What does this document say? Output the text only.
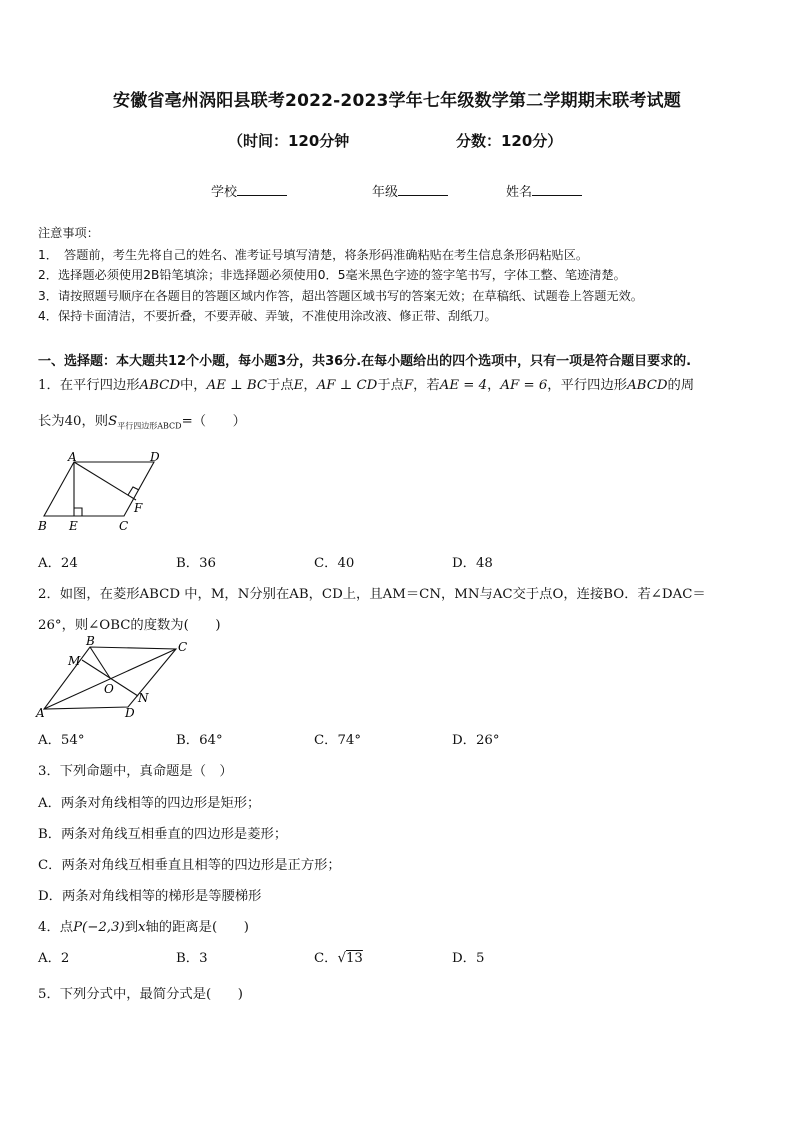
安徽省亳州涡阳县联考2022-2023学年七年级数学第二学期期末联考试题
（时间：120分钟	分数：120分）
学校	年级	姓名
注意事项：
1．　答题前，考生先将自己的姓名、准考证号填写清楚，将条形码准确粘贴在考生信息条形码粘贴区。
2．选择题必须使用2B铅笔填涂；非选择题必须使用0．5毫米黑色字迹的签字笔书写，字体工整、笔迹清楚。
3．请按照题号顺序在各题目的答题区域内作答，超出答题区域书写的答案无效；在草稿纸、试题卷上答题无效。
4．保持卡面清洁，不要折叠，不要弄破、弄皱，不准使用涂改液、修正带、刮纸刀。
一、选择题：本大题共12个小题，每小题3分，共36分.在每小题给出的四个选项中，只有一项是符合题目要求的.
1．在平行四边形ABCD中，AE ⊥ BC于点E，AF ⊥ CD于点F，若AE = 4，AF = 6，平行四边形ABCD的周
长为40，则$S_{平行四边形ABCD}=$（　　）
A	D
B E	C
F
A．24	B．36	C．40	D．48
2．如图，在菱形ABCD 中，M，N分别在AB，CD上，且AM＝CN，MN与AC交于点O，连接BO．若∠DAC＝
26°，则∠OBC的度数为(　　)
B	C
M
O
N
A	D
A．54°	B．64°	C．74°	D．26°
3．下列命题中，真命题是（　）
A．两条对角线相等的四边形是矩形；
B．两条对角线互相垂直的四边形是菱形；
C．两条对角线互相垂直且相等的四边形是正方形；
D．两条对角线相等的梯形是等腰梯形
4．点P(−2,3)到x轴的距离是(　　)
A．2	B．3	C．√13	D．5
5．下列分式中，最简分式是(　　)
